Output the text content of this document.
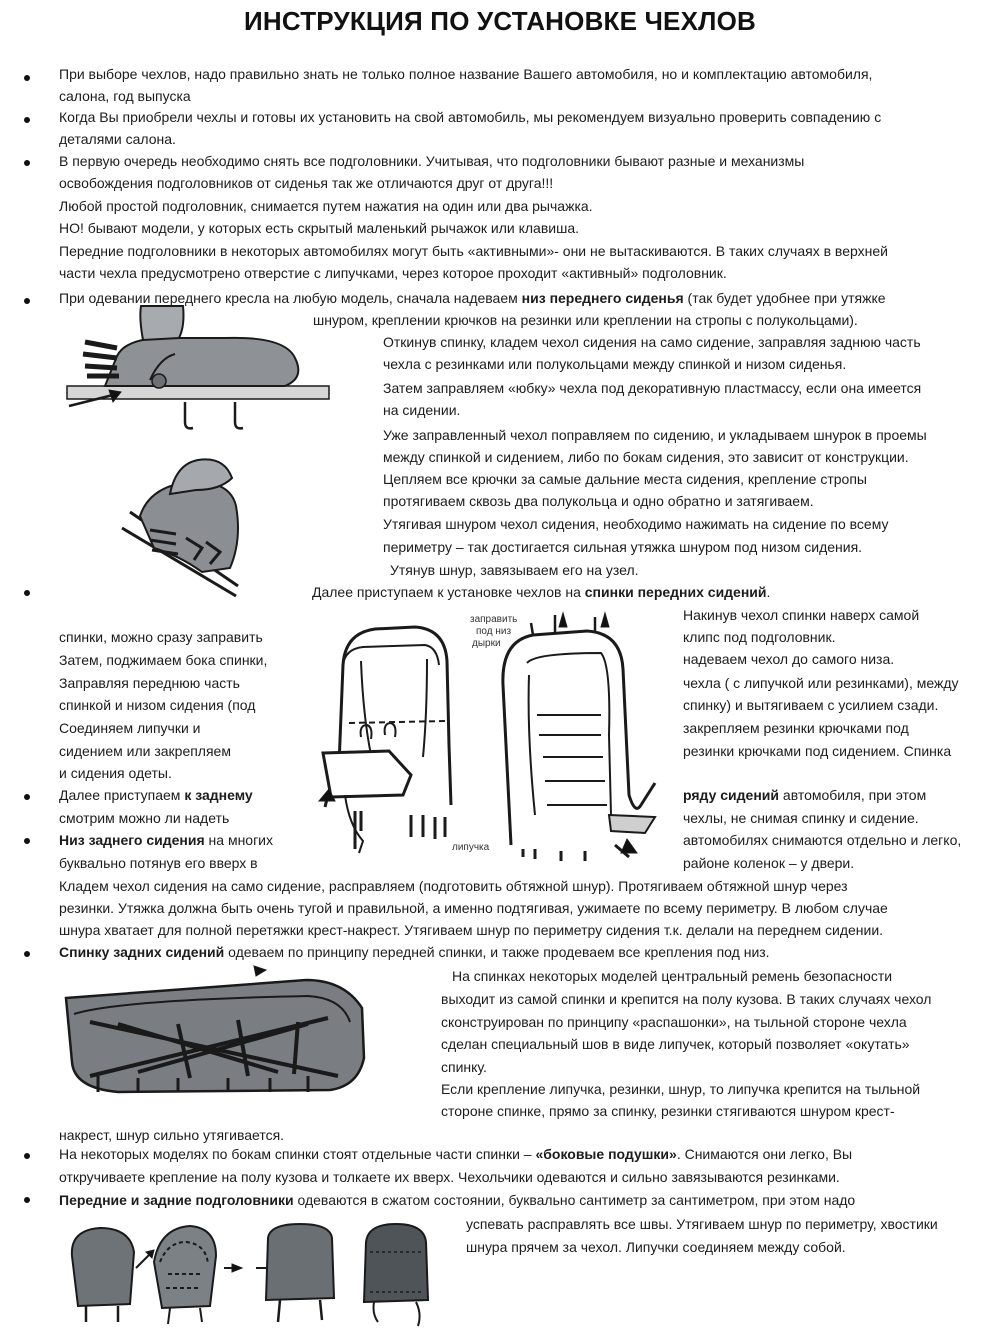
ИНСТРУКЦИЯ ПО УСТАНОВКЕ ЧЕХЛОВ
При выборе чехлов, надо правильно знать не только полное название Вашего автомобиля, но и комплектацию автомобиля,
салона, год выпуска
Когда Вы приобрели чехлы и готовы их установить на свой автомобиль, мы рекомендуем визуально проверить совпадению с
деталями салона.
В первую очередь необходимо снять все подголовники. Учитывая, что подголовники бывают разные и механизмы
освобождения подголовников от сиденья так же отличаются друг от друга!!!
Любой простой подголовник, снимается путем нажатия на один или два рычажка.
НО! бывают модели, у которых есть скрытый маленький рычажок или клавиша.
Передние подголовники в некоторых автомобилях могут быть «активными»- они не вытаскиваются. В таких случаях в верхней
части чехла предусмотрено отверстие с липучками, через которое проходит «активный» подголовник.
При одевании переднего кресла на любую модель, сначала надеваем низ переднего сиденья (так будет удобнее при утяжке
шнуром, креплении крючков на резинки или креплении на стропы с полукольцами).
Откинув спинку, кладем чехол сидения на само сидение, заправляя заднюю часть
чехла с резинками или полукольцами между спинкой и низом сиденья.
Затем заправляем «юбку» чехла под декоративную пластмассу, если она имеется
на сидении.
Уже заправленный чехол поправляем по сидению, и укладываем шнурок в проемы
между спинкой и сидением, либо по бокам сидения, это зависит от конструкции.
Цепляем все крючки за самые дальние места сидения, крепление стропы
протягиваем сквозь два полукольца и одно обратно и затягиваем.
Утягивая шнуром чехол сидения, необходимо нажимать на сидение по всему
периметру – так достигается сильная утяжка шнуром под низом сидения.
Утянув шнур, завязываем его на узел.
Далее приступаем к установке чехлов на спинки передних сидений.
Накинув чехол спинки наверх самой
клипс под подголовник.
надеваем чехол до самого низа.
чехла ( с липучкой или резинками), между
спинку) и вытягиваем с усилием сзади.
закрепляем резинки крючками под
резинки крючками под сидением. Спинка
ряду сидений автомобиля, при этом
чехлы, не снимая спинку и сидение.
автомобилях снимаются отдельно и легко,
районе коленок – у двери.
спинки, можно сразу заправить
Затем, поджимаем бока спинки,
Заправляя переднюю часть
спинкой и низом сидения (под
Соединяем липучки и
сидением или закрепляем
и сидения одеты.
Далее приступаем к заднему
смотрим можно ли надеть
Низ заднего сидения на многих
буквально потянув его вверх в
Кладем чехол сидения на само сидение, расправляем (подготовить обтяжной шнур). Протягиваем обтяжной шнур через
резинки. Утяжка должна быть очень тугой и правильной, а именно подтягивая, ужимаете по всему периметру. В любом случае
шнура хватает для полной перетяжки крест-накрест. Утягиваем шнур по периметру сидения т.к. делали на переднем сидении.
Спинку задних сидений одеваем по принципу передней спинки, и также продеваем все крепления под низ.
На спинках некоторых моделей центральный ремень безопасности
выходит из самой спинки и крепится на полу кузова. В таких случаях чехол
сконструирован по принципу «распашонки», на тыльной стороне чехла
сделан специальный шов в виде липучек, который позволяет «окутать»
спинку.
Если крепление липучка, резинки, шнур, то липучка крепится на тыльной
стороне спинке, прямо за спинку, резинки стягиваются шнуром крест-
накрест, шнур сильно утягивается.
На некоторых моделях по бокам спинки стоят отдельные части спинки – «боковые подушки». Снимаются они легко, Вы
откручиваете крепление на полу кузова и толкаете их вверх. Чехольчики одеваются и сильно завязываются резинками.
Передние и задние подголовники одеваются в сжатом состоянии, буквально сантиметр за сантиметром, при этом надо
успевать расправлять все швы. Утягиваем шнур по периметру, хвостики
шнура прячем за чехол. Липучки соединяем между собой.
заправить
под низ
дырки
липучка
